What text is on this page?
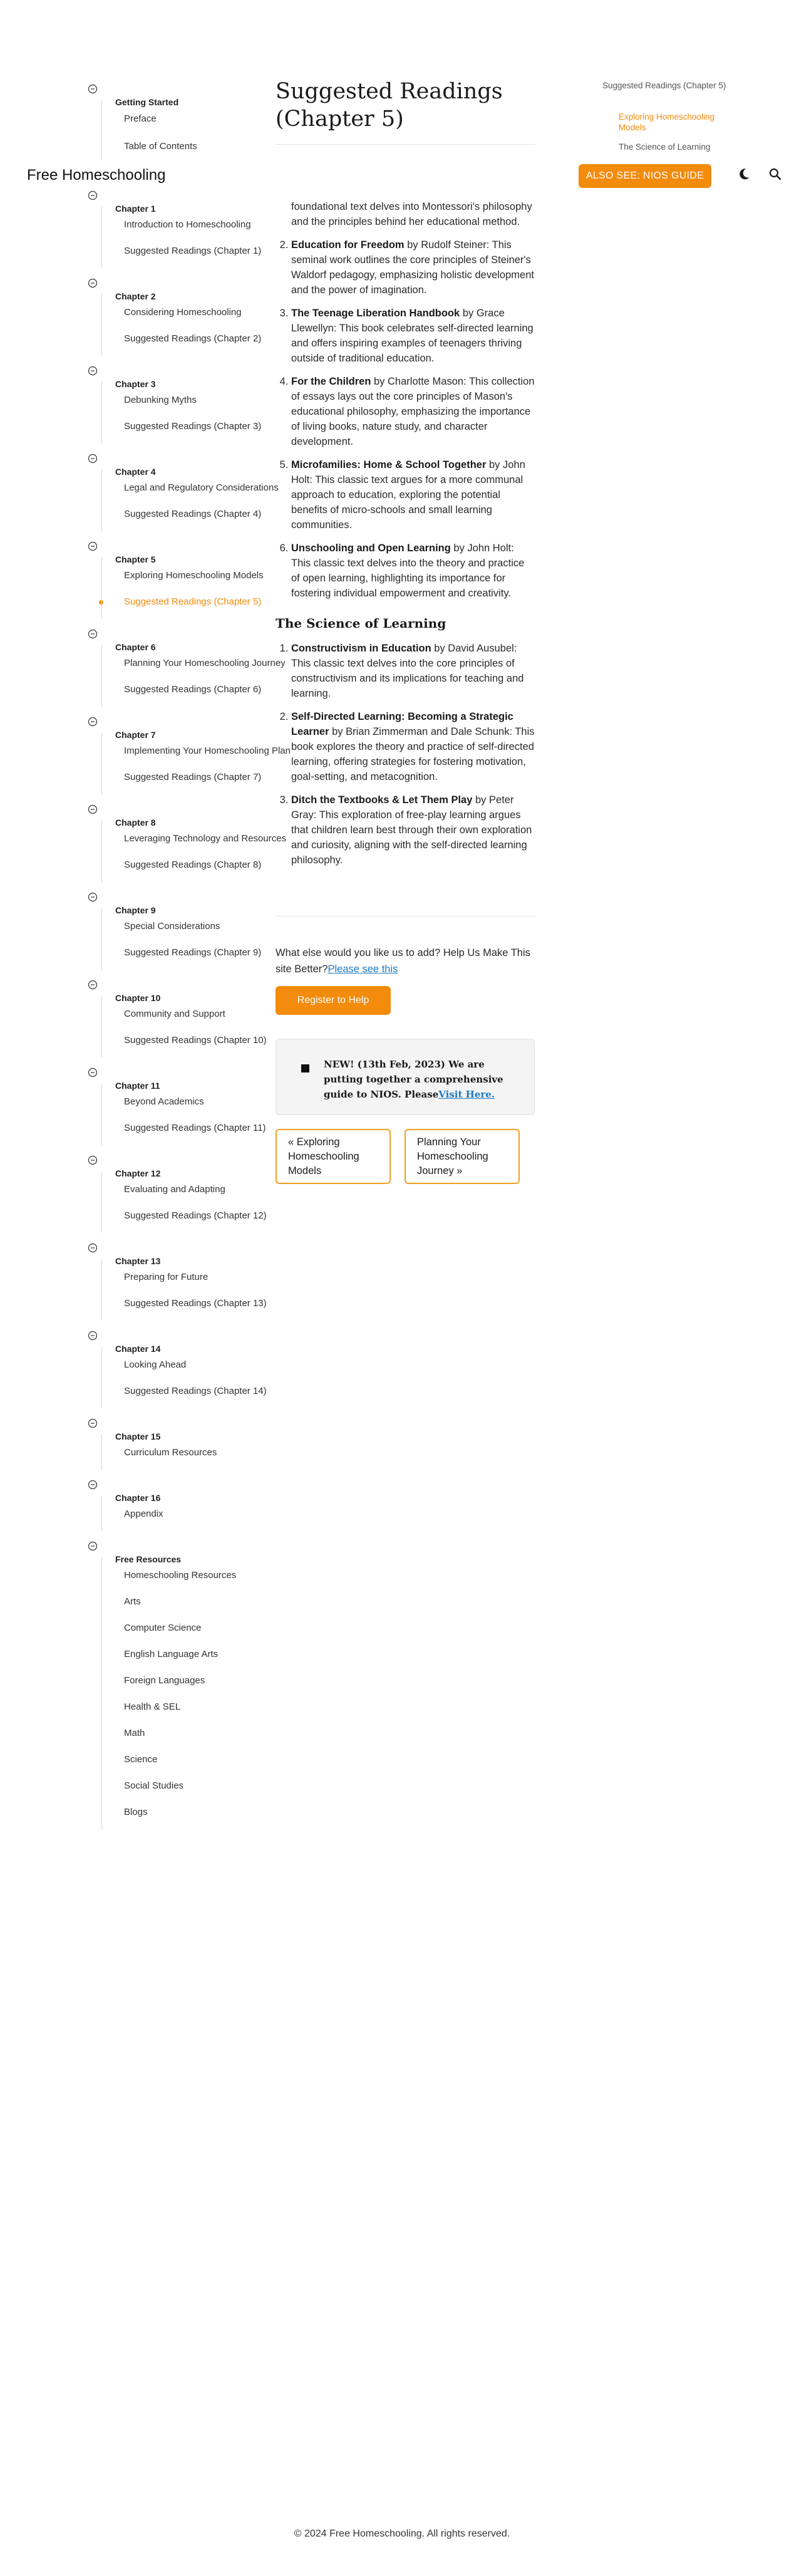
Getting Started
Preface
Table of Contents
Free Homeschooling	ALSO SEE: NIOS GUIDE
Chapter 1
Introduction to Homeschooling
Suggested Readings (Chapter 1)
Chapter 2
Considering Homeschooling
Suggested Readings (Chapter 2)
Chapter 3
Debunking Myths
Suggested Readings (Chapter 3)
Chapter 4
Legal and Regulatory Considerations
Suggested Readings (Chapter 4)
Chapter 5
Exploring Homeschooling Models
Suggested Readings (Chapter 5)
Chapter 6
Planning Your Homeschooling Journey
Suggested Readings (Chapter 6)
Chapter 7
Implementing Your Homeschooling Plan
Suggested Readings (Chapter 7)
Chapter 8
Leveraging Technology and Resources
Suggested Readings (Chapter 8)
Chapter 9
Special Considerations
Suggested Readings (Chapter 9)
Chapter 10
Community and Support
Suggested Readings (Chapter 10)
Chapter 11
Beyond Academics
Suggested Readings (Chapter 11)
Chapter 12
Evaluating and Adapting
Suggested Readings (Chapter 12)
Chapter 13
Preparing for Future
Suggested Readings (Chapter 13)
Chapter 14
Looking Ahead
Suggested Readings (Chapter 14)
Chapter 15
Curriculum Resources
Chapter 16
Appendix
Free Resources
Homeschooling Resources
Arts
Computer Science
English Language Arts
Foreign Languages
Health & SEL
Math
Science
Social Studies
Blogs
Suggested Readings
(Chapter 5)
foundational text delves into Montessori's philosophy and the principles behind her educational method.
2. Education for Freedom by Rudolf Steiner: This seminal work outlines the core principles of Steiner's Waldorf pedagogy, emphasizing holistic development and the power of imagination.
3. The Teenage Liberation Handbook by Grace Llewellyn: This book celebrates self-directed learning and offers inspiring examples of teenagers thriving outside of traditional education.
4. For the Children by Charlotte Mason: This collection of essays lays out the core principles of Mason's educational philosophy, emphasizing the importance of living books, nature study, and character development.
5. Microfamilies: Home & School Together by John Holt: This classic text argues for a more communal approach to education, exploring the potential benefits of micro-schools and small learning communities.
6. Unschooling and Open Learning by John Holt: This classic text delves into the theory and practice of open learning, highlighting its importance for fostering individual empowerment and creativity.
The Science of Learning
1. Constructivism in Education by David Ausubel: This classic text delves into the core principles of constructivism and its implications for teaching and learning.
2. Self-Directed Learning: Becoming a Strategic Learner by Brian Zimmerman and Dale Schunk: This book explores the theory and practice of self-directed learning, offering strategies for fostering motivation, goal-setting, and metacognition.
3. Ditch the Textbooks & Let Them Play by Peter Gray: This exploration of free-play learning argues that children learn best through their own exploration and curiosity, aligning with the self-directed learning philosophy.
What else would you like us to add? Help Us Make This site Better?Please see this
Register to Help
NEW! (13th Feb, 2023) We are putting together a comprehensive guide to NIOS. PleaseVisit Here.
« Exploring Homeschooling Models
Planning Your Homeschooling Journey »
Suggested Readings (Chapter 5)
Exploring Homeschooling Models
The Science of Learning
© 2024 Free Homeschooling. All rights reserved.
